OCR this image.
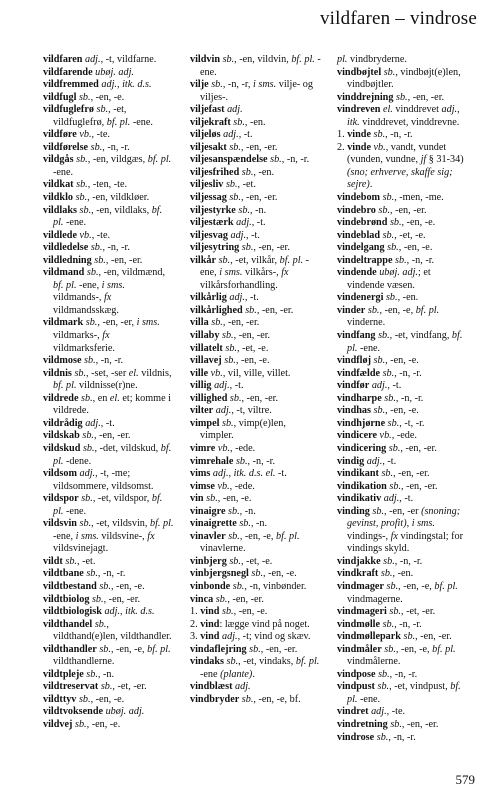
vildfaren – vindrose
vildfaren adj., -t, vildfarne.
vildfarende ubøj. adj.
vildfremmed adj., itk. d.s.
vildfugl sb., -en, -e.
vildfuglefrø sb., -et, vildfuglefrø, bf. pl. -ene.
vildføre vb., -te.
vildførelse sb., -n, -r.
vildgås sb., -en, vildgæs, bf. pl. -ene.
vildkat sb., -ten, -te.
vildklo sb., -en, vildkløer.
vildlaks sb., -en, vildlaks, bf. pl. -ene.
vildlede vb., -te.
vildledelse sb., -n, -r.
vildledning sb., -en, -er.
vildmand sb., -en, vildmænd, bf. pl. -ene, i sms. vildmands-, fx vildmandsskæg.
vildmark sb., -en, -er, i sms. vildmarks-, fx vildmarksferie.
vildmose sb., -n, -r.
vildnis sb., -set, -ser el. vildnis, bf. pl. vildnisse(r)ne.
vildrede sb., en el. et; komme i vildrede.
vildrådig adj., -t.
vildskab sb., -en, -er.
vildskud sb., -det, vildskud, bf. pl. -dene.
vildsom adj., -t, -me; vildsommere, vildsomst.
vildspor sb., -et, vildspor, bf. pl. -ene.
vildsvin sb., -et, vildsvin, bf. pl. -ene, i sms. vildsvine-, fx vildsvinejagt.
vildt sb., -et.
vildtbane sb., -n, -r.
vildtbestand sb., -en, -e.
vildtbiolog sb., -en, -er.
vildtbiologisk adj., itk. d.s.
vildthandel sb., vildthand(e)len, vildthandler.
vildthandler sb., -en, -e, bf. pl. vildthandlerne.
vildtpleje sb., -n.
vildtreservat sb., -et, -er.
vildttyv sb., -en, -e.
vildtvoksende ubøj. adj.
vildvej sb., -en, -e.
vildvin sb., -en, vildvin, bf. pl. -ene.
vilje sb., -n, -r, i sms. vilje- og viljes-.
viljefast adj.
viljekraft sb., -en.
viljeløs adj., -t.
viljesakt sb., -en, -er.
viljesanspændelse sb., -n, -r.
viljesfrihed sb., -en.
viljesliv sb., -et.
viljessag sb., -en, -er.
viljestyrke sb., -n.
viljestærk adj., -t.
viljesvag adj., -t.
viljesytring sb., -en, -er.
vilkår sb., -et, vilkår, bf. pl. -ene, i sms. vilkårs-, fx vilkårsforhandling.
vilkårlig adj., -t.
vilkårlighed sb., -en, -er.
villa sb., -en, -er.
villaby sb., -en, -er.
villatelt sb., -et, -e.
villavej sb., -en, -e.
ville vb., vil, ville, villet.
villig adj., -t.
villighed sb., -en, -er.
vilter adj., -t, viltre.
vimpel sb., vimp(e)len, vimpler.
vimre vb., -ede.
vimrehale sb., -n, -r.
vims adj., itk. d.s. el. -t.
vimse vb., -ede.
vin sb., -en, -e.
vinaigre sb., -n.
vinaigrette sb., -n.
vinavler sb., -en, -e, bf. pl. vinavlerne.
vinbjerg sb., -et, -e.
vinbjergsnegl sb., -en, -e.
vinbonde sb., -n, vinbønder.
vinca sb., -en, -er.
1. vind sb., -en, -e.
2. vind: lægge vind på noget.
3. vind adj., -t; vind og skæv.
vindaflejring sb., -en, -er.
vindaks sb., -et, vindaks, bf. pl. -ene (plante).
vindblæst adj.
vindbryder sb., -en, -e, bf.
pl. vindbryderne.
vindbøjtel sb., vindbøjt(e)len, vindbøjtler.
vinddrejning sb., -en, -er.
vindreven el. vinddrevet adj., itk. vinddrevet, vinddrevne.
1. vinde sb., -n, -r.
2. vinde vb., vandt, vundet (vunden, vundne, jf § 31-34) (sno; erhverve, skaffe sig; sejre).
vindebom sb., -men, -me.
vindebro sb., -en, -er.
vindebrønd sb., -en, -e.
vindeblad sb., -et, -e.
vindelgang sb., -en, -e.
vindeltrappe sb., -n, -r.
vindende ubøj. adj.; et vindende væsen.
vindenergi sb., -en.
vinder sb., -en, -e, bf. pl. vinderne.
vindfang sb., -et, vindfang, bf. pl. -ene.
vindfløj sb., -en, -e.
vindfælde sb., -n, -r.
vindfør adj., -t.
vindharpe sb., -n, -r.
vindhas sb., -en, -e.
vindhjørne sb., -t, -r.
vindicere vb., -ede.
vindicering sb., -en, -er.
vindig adj., -t.
vindikant sb., -en, -er.
vindikation sb., -en, -er.
vindikativ adj., -t.
vinding sb., -en, -er (snoning; gevinst, profit), i sms. vindings-, fx vindingstal; for vindings skyld.
vindjakke sb., -n, -r.
vindkraft sb., -en.
vindmager sb., -en, -e, bf. pl. vindmagerne.
vindmageri sb., -et, -er.
vindmølle sb., -n, -r.
vindmøllepark sb., -en, -er.
vindmåler sb., -en, -e, bf. pl. vindmålerne.
vindpose sb., -n, -r.
vindpust sb., -et, vindpust, bf. pl. -ene.
vindret adj., -te.
vindretning sb., -en, -er.
vindrose sb., -n, -r.
579
